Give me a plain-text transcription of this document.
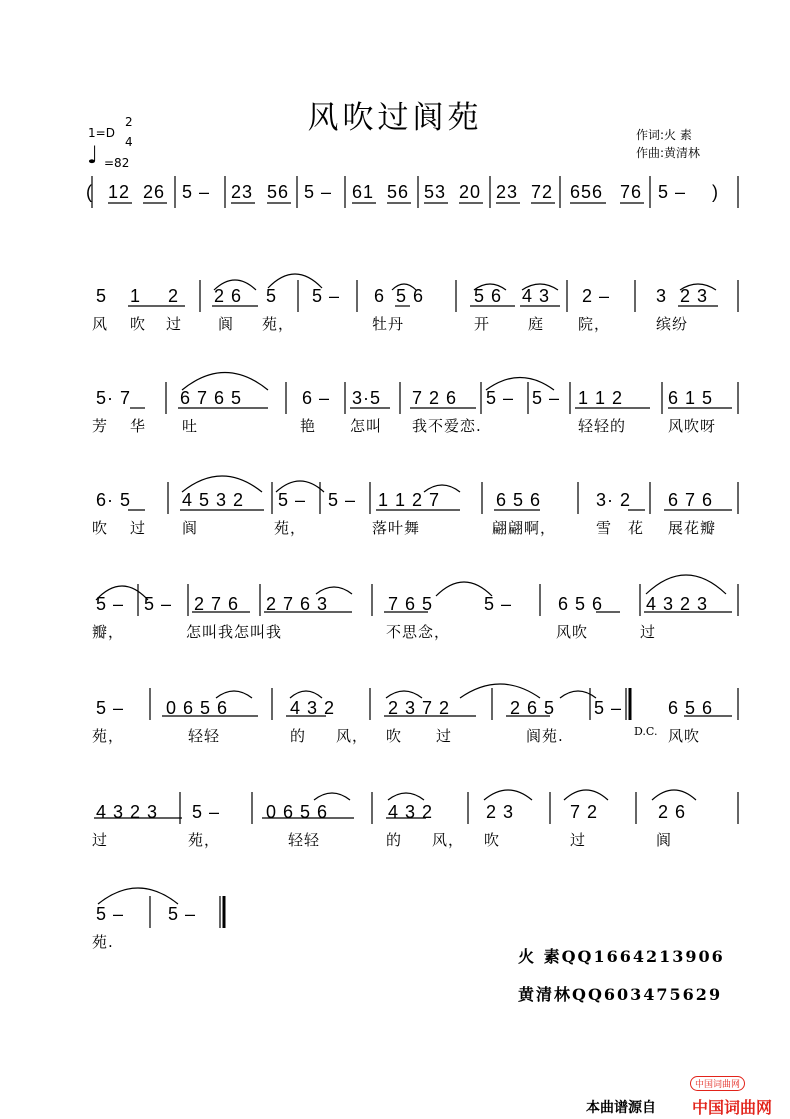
风吹过阆苑
1=D
2
4
♩ =82
作词:火 素
作曲:黄清林
( 12 26 5 – 23 56 5 – 61 56 53 20 23 72 656 76 5 – )
5 1 2 2 6 5 5 – 6 5 6	5 6 4 3 2 –	3 2 3
风 吹 过 阆 苑，	牡丹	开	庭 院，	缤纷
5· 7	6 7 6 5	6 – 3·5 7 2 6 5 – 5 – 1 1 2 6 1 5
芳 华 吐	艳 怎叫 我不爱恋.	轻轻的	风吹呀
6· 5	4 5 3 2 5 – 5 – 1 1 2 7	6 5 6	3· 2 6 7 6
吹 过 阆	苑，	落叶舞	翩翩啊，	雪 花 展花瓣
5 – 5 – 2 7 6 2 7 6 3	7 6 5	5 –	6 5 6 4 3 2 3
瓣，	怎叫我怎叫我	不思念，	风吹	过
5 – 0 6 5 6	4 3 2	2 3 7 2	2 6 5 5 –	6 5 6
苑，	轻轻	的 风， 吹 过	阆苑.	风吹
D.C.
4 3 2 3 5 –	0 6 5 6	4 3 2	2 3	7 2	2 6
过	苑，	轻轻	的 风， 吹	过	阆
5 – 5 –
苑.
火 素QQ1664213906
黄清林QQ603475629
中国词曲网
本曲谱源自 中国词曲网
